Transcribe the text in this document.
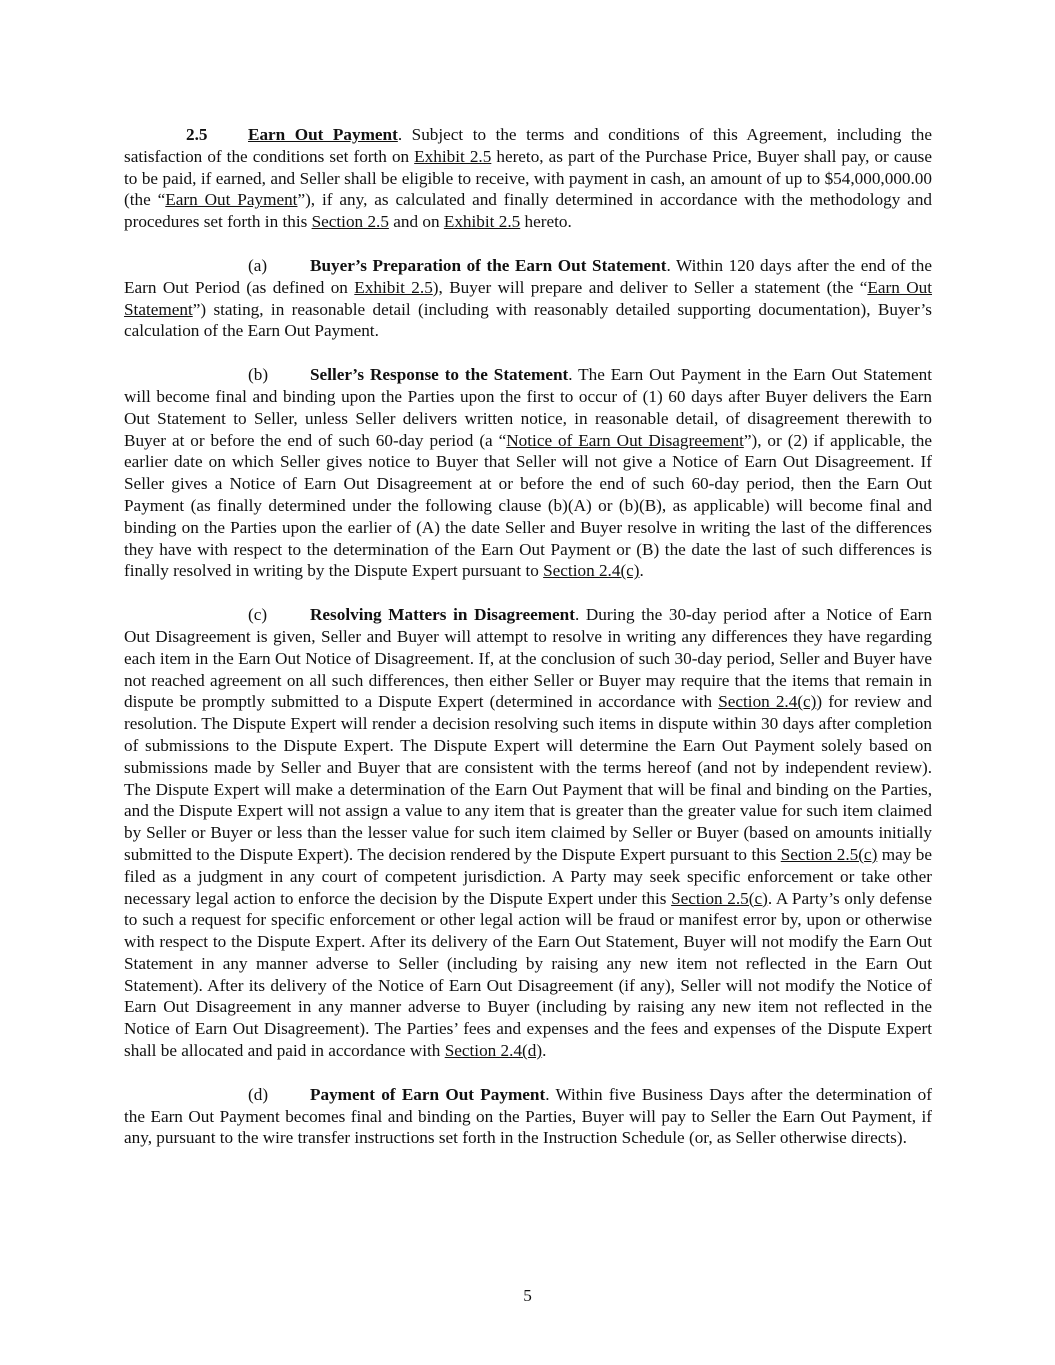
2.5 Earn Out Payment. Subject to the terms and conditions of this Agreement, including the satisfaction of the conditions set forth on Exhibit 2.5 hereto, as part of the Purchase Price, Buyer shall pay, or cause to be paid, if earned, and Seller shall be eligible to receive, with payment in cash, an amount of up to $54,000,000.00 (the “Earn Out Payment”), if any, as calculated and finally determined in accordance with the methodology and procedures set forth in this Section 2.5 and on Exhibit 2.5 hereto.

(a) Buyer’s Preparation of the Earn Out Statement. Within 120 days after the end of the Earn Out Period (as defined on Exhibit 2.5), Buyer will prepare and deliver to Seller a statement (the “Earn Out Statement”) stating, in reasonable detail (including with reasonably detailed supporting documentation), Buyer’s calculation of the Earn Out Payment.

(b) Seller’s Response to the Statement. The Earn Out Payment in the Earn Out Statement will become final and binding upon the Parties upon the first to occur of (1) 60 days after Buyer delivers the Earn Out Statement to Seller, unless Seller delivers written notice, in reasonable detail, of disagreement therewith to Buyer at or before the end of such 60-day period (a “Notice of Earn Out Disagreement”), or (2) if applicable, the earlier date on which Seller gives notice to Buyer that Seller will not give a Notice of Earn Out Disagreement. If Seller gives a Notice of Earn Out Disagreement at or before the end of such 60-day period, then the Earn Out Payment (as finally determined under the following clause (b)(A) or (b)(B), as applicable) will become final and binding on the Parties upon the earlier of (A) the date Seller and Buyer resolve in writing the last of the differences they have with respect to the determination of the Earn Out Payment or (B) the date the last of such differences is finally resolved in writing by the Dispute Expert pursuant to Section 2.4(c).

(c) Resolving Matters in Disagreement. During the 30-day period after a Notice of Earn Out Disagreement is given, Seller and Buyer will attempt to resolve in writing any differences they have regarding each item in the Earn Out Notice of Disagreement. If, at the conclusion of such 30-day period, Seller and Buyer have not reached agreement on all such differences, then either Seller or Buyer may require that the items that remain in dispute be promptly submitted to a Dispute Expert (determined in accordance with Section 2.4(c)) for review and resolution. The Dispute Expert will render a decision resolving such items in dispute within 30 days after completion of submissions to the Dispute Expert. The Dispute Expert will determine the Earn Out Payment solely based on submissions made by Seller and Buyer that are consistent with the terms hereof (and not by independent review). The Dispute Expert will make a determination of the Earn Out Payment that will be final and binding on the Parties, and the Dispute Expert will not assign a value to any item that is greater than the greater value for such item claimed by Seller or Buyer or less than the lesser value for such item claimed by Seller or Buyer (based on amounts initially submitted to the Dispute Expert). The decision rendered by the Dispute Expert pursuant to this Section 2.5(c) may be filed as a judgment in any court of competent jurisdiction. A Party may seek specific enforcement or take other necessary legal action to enforce the decision by the Dispute Expert under this Section 2.5(c). A Party’s only defense to such a request for specific enforcement or other legal action will be fraud or manifest error by, upon or otherwise with respect to the Dispute Expert. After its delivery of the Earn Out Statement, Buyer will not modify the Earn Out Statement in any manner adverse to Seller (including by raising any new item not reflected in the Earn Out Statement). After its delivery of the Notice of Earn Out Disagreement (if any), Seller will not modify the Notice of Earn Out Disagreement in any manner adverse to Buyer (including by raising any new item not reflected in the Notice of Earn Out Disagreement). The Parties’ fees and expenses and the fees and expenses of the Dispute Expert shall be allocated and paid in accordance with Section 2.4(d).

(d) Payment of Earn Out Payment. Within five Business Days after the determination of the Earn Out Payment becomes final and binding on the Parties, Buyer will pay to Seller the Earn Out Payment, if any, pursuant to the wire transfer instructions set forth in the Instruction Schedule (or, as Seller otherwise directs).

5
